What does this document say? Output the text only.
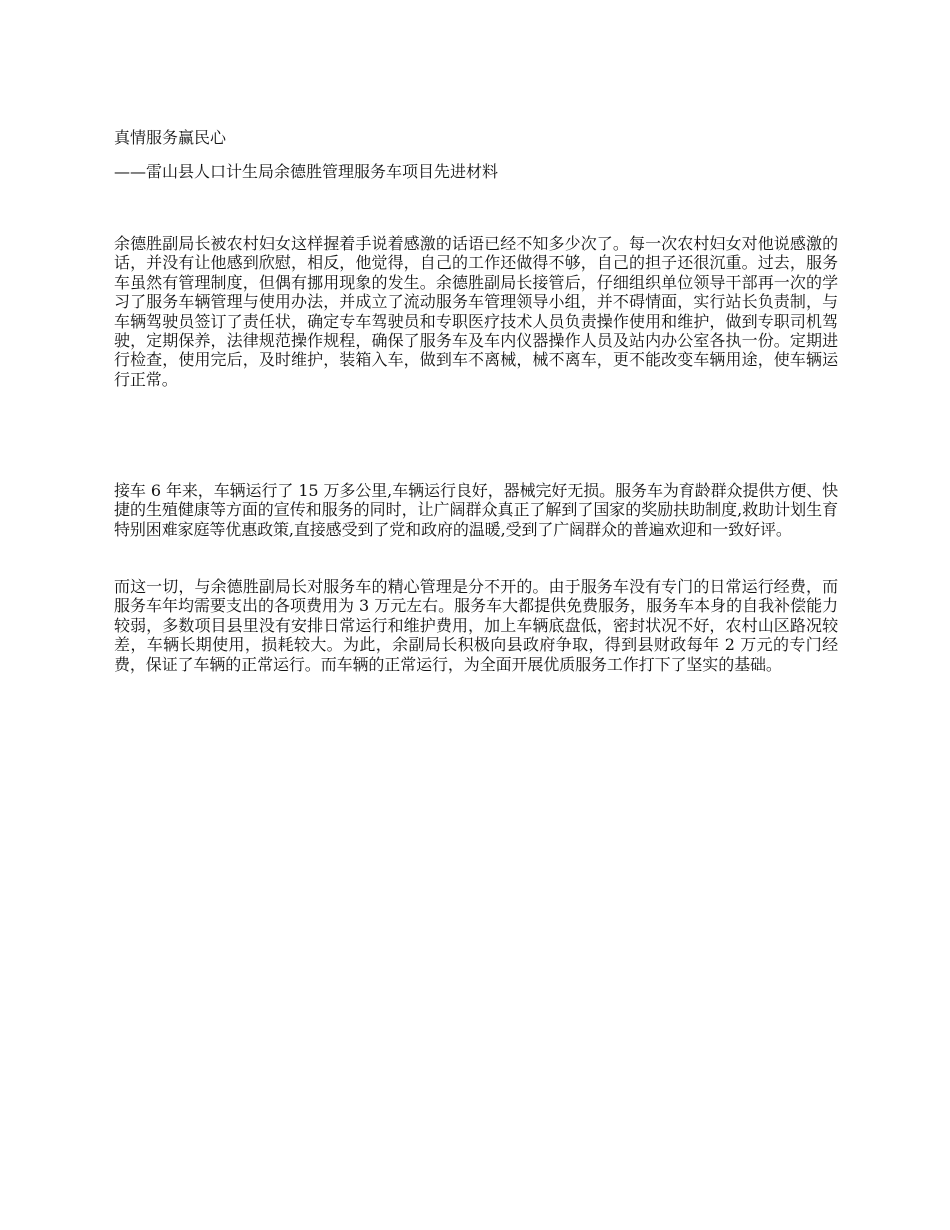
真情服务赢民心
——雷山县人口计生局余德胜管理服务车项目先进材料

余德胜副局长被农村妇女这样握着手说着感激的话语已经不知多少次了。每一次农村妇女对他说感激的话，并没有让他感到欣慰，相反，他觉得，自己的工作还做得不够，自己的担子还很沉重。过去，服务车虽然有管理制度，但偶有挪用现象的发生。余德胜副局长接管后，仔细组织单位领导干部再一次的学习了服务车辆管理与使用办法，并成立了流动服务车管理领导小组，并不碍情面，实行站长负责制，与车辆驾驶员签订了责任状，确定专车驾驶员和专职医疗技术人员负责操作使用和维护，做到专职司机驾驶，定期保养，法律规范操作规程，确保了服务车及车内仪器操作人员及站内办公室各执一份。定期进行检查，使用完后，及时维护，装箱入车，做到车不离械，械不离车，更不能改变车辆用途，使车辆运行正常。

接车 6 年来，车辆运行了 15 万多公里,车辆运行良好，器械完好无损。服务车为育龄群众提供方便、快捷的生殖健康等方面的宣传和服务的同时，让广阔群众真正了解到了国家的奖励扶助制度,救助计划生育特别困难家庭等优惠政策,直接感受到了党和政府的温暖,受到了广阔群众的普遍欢迎和一致好评。

而这一切，与余德胜副局长对服务车的精心管理是分不开的。由于服务车没有专门的日常运行经费，而服务车年均需要支出的各项费用为 3 万元左右。服务车大都提供免费服务，服务车本身的自我补偿能力较弱，多数项目县里没有安排日常运行和维护费用，加上车辆底盘低，密封状况不好，农村山区路况较差，车辆长期使用，损耗较大。为此，余副局长积极向县政府争取，得到县财政每年 2 万元的专门经费，保证了车辆的正常运行。而车辆的正常运行，为全面开展优质服务工作打下了坚实的基础。
